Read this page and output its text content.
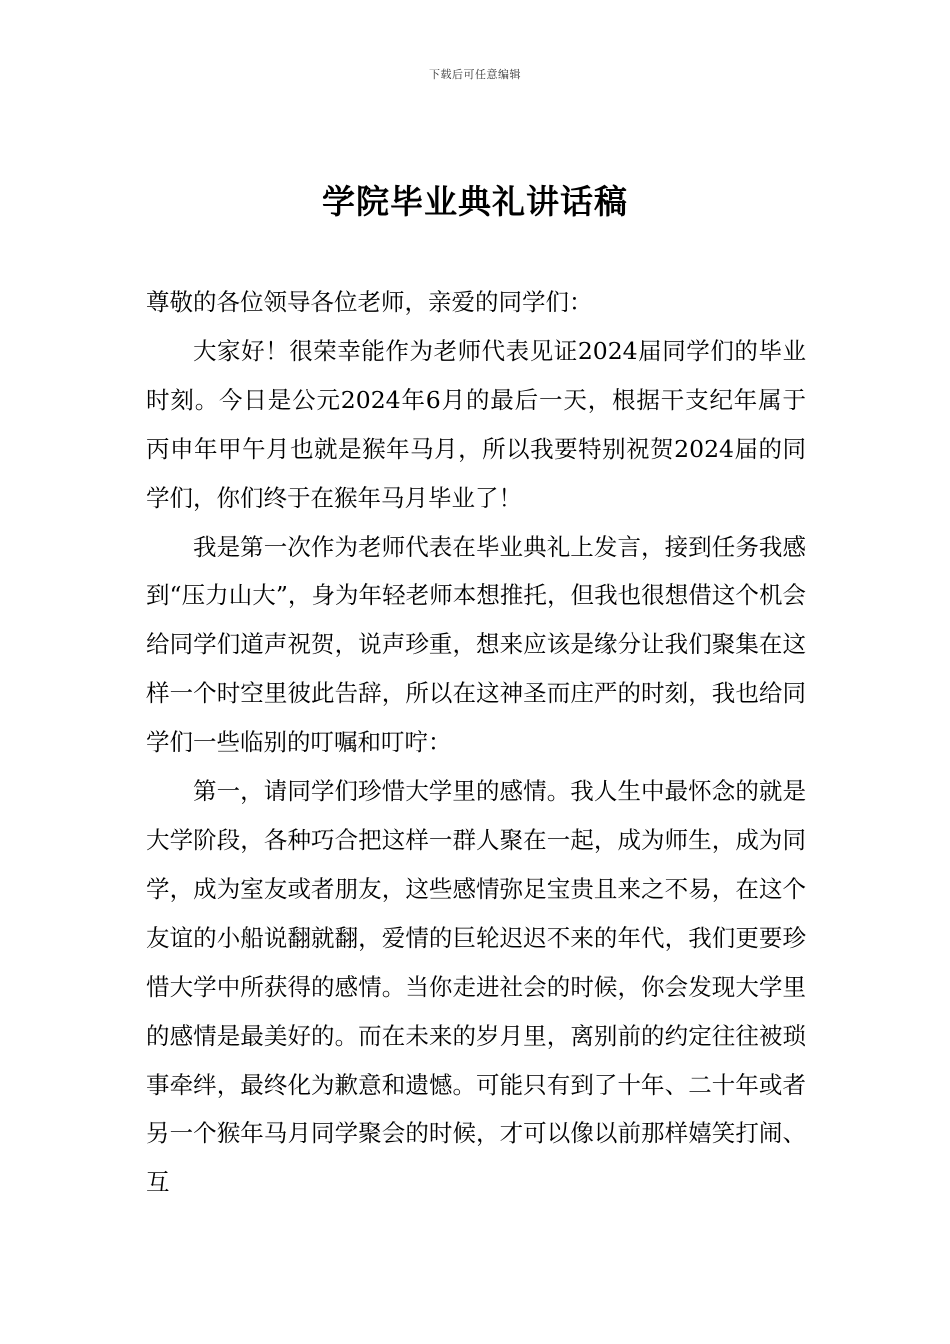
下载后可任意编辑
学院毕业典礼讲话稿

尊敬的各位领导各位老师，亲爱的同学们：

大家好！很荣幸能作为老师代表见证2024届同学们的毕业时刻。今日是公元2024年6月的最后一天，根据干支纪年属于丙申年甲午月也就是猴年马月，所以我要特别祝贺2024届的同学们，你们终于在猴年马月毕业了！

我是第一次作为老师代表在毕业典礼上发言，接到任务我感到“压力山大”，身为年轻老师本想推托，但我也很想借这个机会给同学们道声祝贺，说声珍重，想来应该是缘分让我们聚集在这样一个时空里彼此告辞，所以在这神圣而庄严的时刻，我也给同学们一些临别的叮嘱和叮咛：

第一，请同学们珍惜大学里的感情。我人生中最怀念的就是大学阶段，各种巧合把这样一群人聚在一起，成为师生，成为同学，成为室友或者朋友，这些感情弥足宝贵且来之不易，在这个友谊的小船说翻就翻，爱情的巨轮迟迟不来的年代，我们更要珍惜大学中所获得的感情。当你走进社会的时候，你会发现大学里的感情是最美好的。而在未来的岁月里，离别前的约定往往被琐事牵绊，最终化为歉意和遗憾。可能只有到了十年、二十年或者另一个猴年马月同学聚会的时候，才可以像以前那样嬉笑打闹、互
